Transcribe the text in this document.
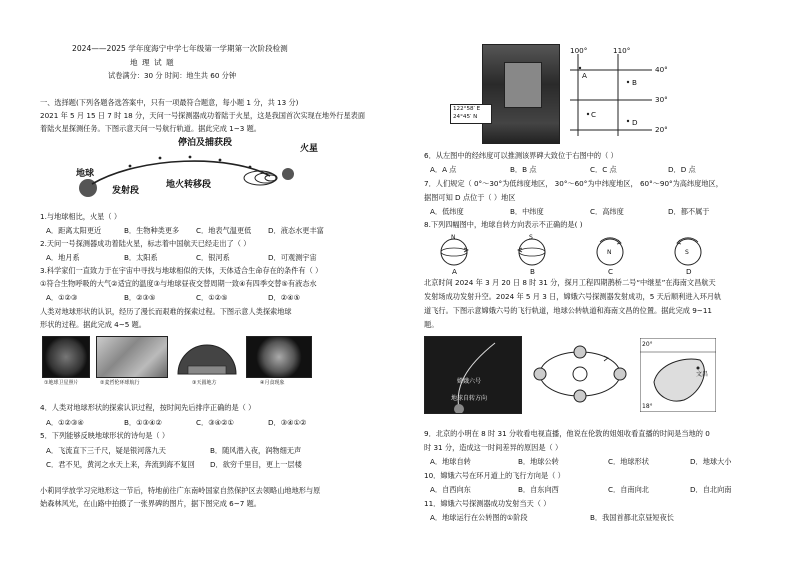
2024——2025 学年度海宁中学七年级第一学期第一次阶段检测
地 理 试 题
试卷满分：30 分 时间：地生共 60 分钟
一、选择题(下列各题各选答案中，只有一项最符合题意，每小题 1 分，共 13 分)
2021 年 5 月 15 日 7 时 18 分，天问一号探测器成功着陆于火星，这是我国首次实现在地外行星表面
着陆火星探测任务。下图示意天问一号航行轨道。据此完成 1~3 题。
停泊及捕获段
火星
地球
发射段
地火转移段
1.与地球相比，火星（ ）
A．距离太阳更近	B．生物种类更多 C．地表气温更低 D．液态水更丰富
2.天问一号探测器成功着陆火星，标志着中国航天已经走出了（ ）
A．地月系	B．太阳系	C．银河系	D．可观测宇宙
3.科学家们一直致力于在宇宙中寻找与地球相似的天体，天体适合生命存在的条件有（ ）
①符合生物呼吸的大气②适宜的温度③与地球昼夜交替周期一致④有四季交替⑤有液态水
A．①②③	B．②③⑤	C．①②⑤	D．②④⑤
人类对地球形状的认识，经历了漫长而艰难的探索过程。下图示意人类探索地球
形状的过程。据此完成 4~5 题。
①地球卫星照片	②麦哲伦环球航行	③天圆地方	④月食现象
4．人类对地球形状的探索认识过程，按时间先后排序正确的是（ ）
A．①②③④	B．①③④②	C．③④②①	D．③④①②
5．下列能够反映地球形状的诗句是（ ）
A．飞流直下三千尺，疑是银河落九天	B．随风潜入夜，润物细无声
C．君不见，黄河之水天上来，奔流到海不复回 D．欲穷千里目，更上一层楼
小莉同学放学习完地形这一节后，特地前往广东南岭国家自然保护区去领略山地地形与原
始森林风光，在山路中拍摄了一张界碑的图片，据下图完成 6~7 题。
122°58′ E
24°45′ N
100°	110°
40°
30°
20°
A
B
C
D
6．从左图中的经纬度可以推测该界碑大致位于右图中的（ ）
A．A 点	B．B 点	C．C 点	D．D 点
7．人们规定（ 0°～30°为低纬度地区， 30°～60°为中纬度地区， 60°～90°为高纬度地区，
据图可知 D 点位于（ ）地区
A．低纬度	B．中纬度	C．高纬度	D．都不属于
8.下列四幅图中，地球自转方向表示不正确的是( )
N	S
N	S
A	B	C	D
北京时间 2024 年 3 月 20 日 8 时 31 分，探月工程四期鹊桥二号“中继星”在海南文昌航天
发射场成功发射升空。2024 年 5 月 3 日，嫦娥六号探测器发射成功，5 天后顺利进入环月轨
道飞行。下图示意嫦娥六号的飞行轨道，地球公转轨道和海南文昌的位置。据此完成 9~11
题。
嫦娥六号
地球自转方向
20°
文昌
18°
9．北京的小明在 8 时 31 分收看电视直播，他说在伦敦的姐姐收看直播的时间是当地的 0
时 31 分，造成这一时间差异的原因是（ ）
A．地球自转	B．地球公转	C．地球形状	D．地球大小
10．嫦娥六号在环月道上的飞行方向是（ ）
A．自西向东	B．自东向西	C．自南向北	D．自北向南
11．嫦娥六号探测器成功发射当天（ ）
A．地球运行在公转图的①阶段	B．我国首都北京昼短夜长
